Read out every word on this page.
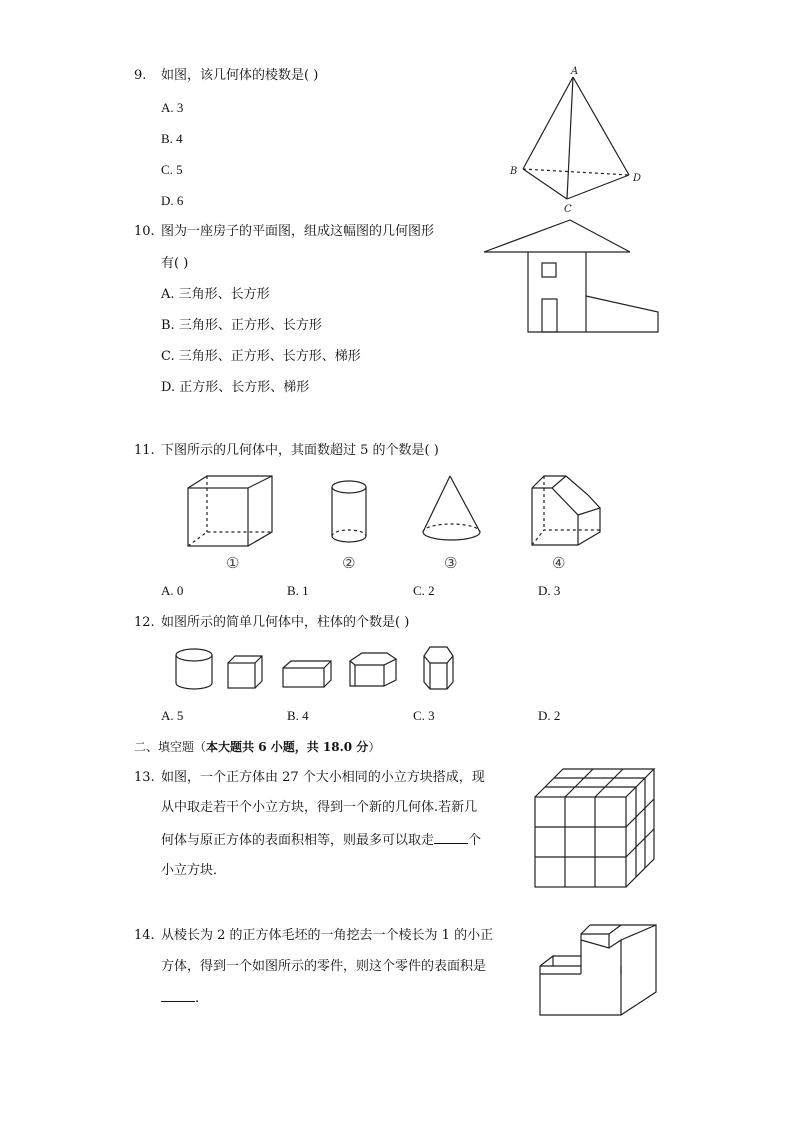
9. 如图，该几何体的棱数是( )
A. 3
B. 4
C. 5
D. 6
A
B
C
D
10. 图为一座房子的平面图，组成这幅图的几何图形
有( )
A. 三角形、长方形
B. 三角形、正方形、长方形
C. 三角形、正方形、长方形、梯形
D. 正方形、长方形、梯形
11. 下图所示的几何体中，其面数超过 5 的个数是( )
①	②	③	④
A. 0	B. 1	C. 2	D. 3
12. 如图所示的简单几何体中，柱体的个数是( )
A. 5	B. 4	C. 3	D. 2
二、填空题（本大题共 6 小题，共 18.0 分）
13. 如图，一个正方体由 27 个大小相同的小立方块搭成，现
从中取走若干个小立方块，得到一个新的几何体.若新几
何体与原正方体的表面积相等，则最多可以取走	个
小立方块．
14. 从棱长为 2 的正方体毛坯的一角挖去一个棱长为 1 的小正
方体，得到一个如图所示的零件，则这个零件的表面积是
.
